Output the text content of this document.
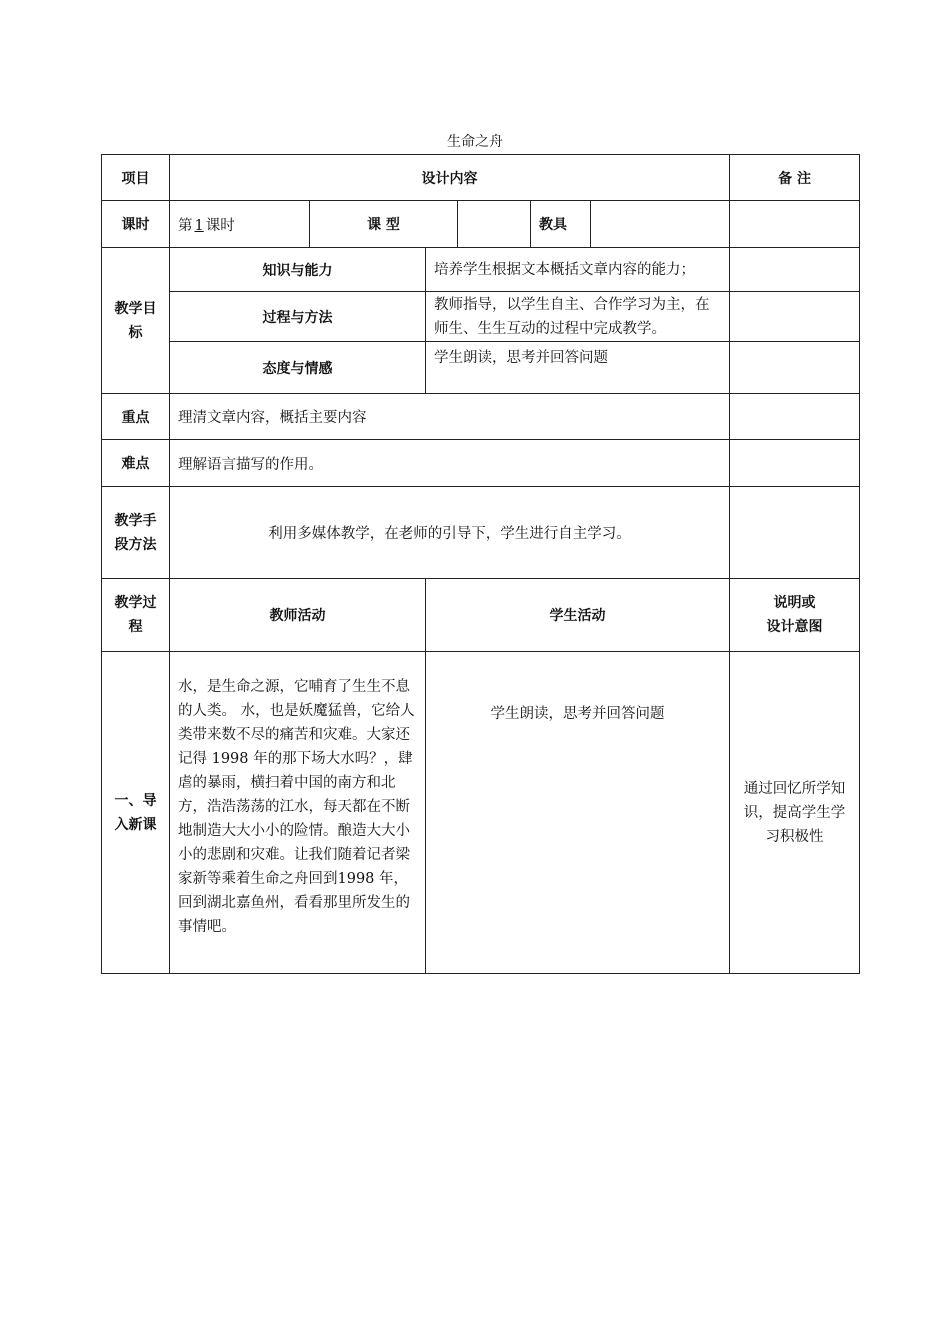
生命之舟
项目	设计内容						备 注
课时	第 1 课时	课 型			教具		
教学目标	知识与能力		培养学生根据文本概括文章内容的能力；				
	过程与方法		教师指导，以学生自主、合作学习为主，在师生、生生互动的过程中完成教学。				
	态度与情感		学生朗读，思考并回答问题				
重点	理清文章内容，概括主要内容						
难点	理解语言描写的作用。						
教学手段方法	利用多媒体教学，在老师的引导下，学生进行自主学习。						
教学过程	教师活动		学生活动				说明或
设计意图
一、导入新课	水，是生命之源，它哺育了生生不息的人类。 水，也是妖魔猛兽，它给人类带来数不尽的痛苦和灾难。大家还记得 1998 年的那下场大水吗？，肆虐的暴雨，横扫着中国的南方和北方，浩浩荡荡的江水，每天都在不断地制造大大小小的险情。酿造大大小小的悲剧和灾难。让我们随着记者梁家新等乘着生命之舟回到1998 年，回到湖北嘉鱼州，看看那里所发生的事情吧。		学生朗读，思考并回答问题				通过回忆所学知识，提高学生学习积极性
